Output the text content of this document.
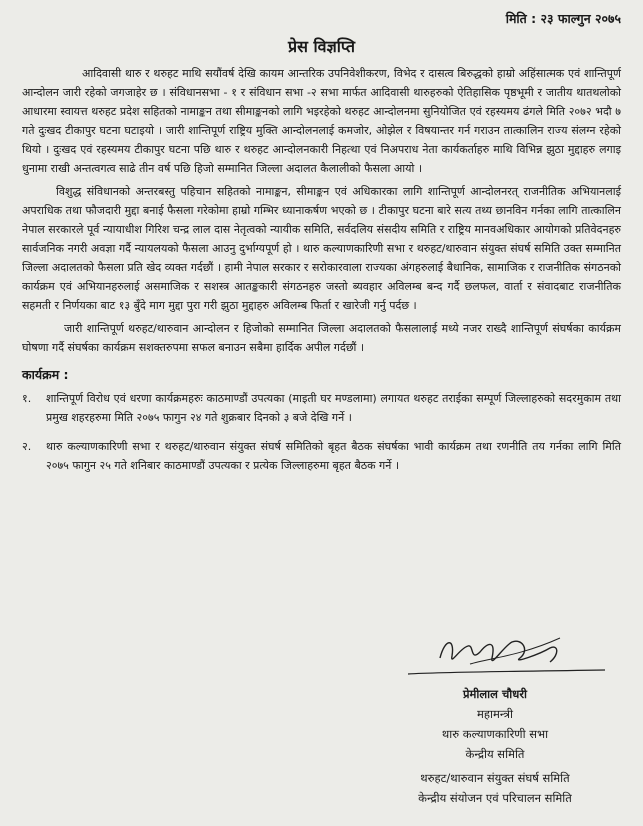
मिति : २३ फाल्गुन २०७५
प्रेस विज्ञप्ति

आदिवासी थारु र थरुहट माथि सयौंवर्ष देखि कायम आन्तरिक उपनिवेशीकरण, विभेद र दासत्व बिरुद्धको हाम्रो अहिंसात्मक एवं शान्तिपूर्ण आन्दोलन जारी रहेको जगजाहेर छ । संविधानसभा - १ र संविधान सभा -२ सभा मार्फत आदिवासी थारुहरुको ऐतिहासिक पृष्ठभूमी र जातीय थातथलोको आधारमा स्वायत्त थरुहट प्रदेश सहितको नामाङ्कन तथा सीमाङ्कनको लागि भइरहेको थरुहट आन्दोलनमा सुनियोजित एवं रहस्यमय ढंगले मिति २०७२ भदौ ७ गते दुःखद टीकापुर घटना घटाइयो । जारी शान्तिपूर्ण राष्ट्रिय मुक्ति आन्दोलनलाई कमजोर, ओझेल र विषयान्तर गर्न गराउन तात्कालिन राज्य संलग्न रहेको थियो । दुःखद एवं रहस्यमय टीकापुर घटना पछि थारु र थरुहट आन्दोलनकारी निहत्था एवं निअपराध नेता कार्यकर्ताहरु माथि विभिन्न झुठा मुद्दाहरु लगाइ धुनामा राखी अन्तत्वगत्व साढे तीन वर्ष पछि हिजो सम्मानित जिल्ला अदालत कैलालीको फैसला आयो ।

विशुद्ध संविधानको अन्तरबस्तु पहिचान सहितको नामाङ्कन, सीमाङ्कन एवं अधिकारका लागि शान्तिपूर्ण आन्दोलनरत् राजनीतिक अभियानलाई अपराधिक तथा फौजदारी मुद्दा बनाई फैसला गरेकोमा हाम्रो गम्भिर ध्यानाकर्षण भएको छ । टीकापुर घटना बारे सत्य तथ्य छानविन गर्नका लागि तात्कालिन नेपाल सरकारले पूर्व न्यायाधीश गिरिश चन्द्र लाल दास नेतृत्वको न्यायीक समिति, सर्वदलिय संसदीय समिति र राष्ट्रिय मानवअधिकार आयोगको प्रतिवेदनहरु सार्वजनिक नगरी अवज्ञा गर्दै न्यायलयको फैसला आउनु दुर्भाग्यपूर्ण हो । थारु कल्याणकारिणी सभा र थरुहट/थारुवान संयुक्त संघर्ष समिति उक्त सम्मानित जिल्ला अदालतको फैसला प्रति खेद व्यक्त गर्दछौं । हामी नेपाल सरकार र सरोकारवाला राज्यका अंगहरुलाई बैधानिक, सामाजिक र राजनीतिक संगठनको कार्यक्रम एवं अभियानहरुलाई असमाजिक र सशस्त्र आतङ्ककारी संगठनहरु जस्तो ब्यवहार अविलम्ब बन्द गर्दै छलफल, वार्ता र संवादबाट राजनीतिक सहमती र निर्णयका बाट १३ बुँदे माग मुद्दा पुरा गरी झुठा मुद्दाहरु अविलम्ब फिर्ता र खारेजी गर्नु पर्दछ ।

जारी शान्तिपूर्ण थरुहट/थारुवान आन्दोलन र हिजोको सम्मानित जिल्ला अदालतको फैसलालाई मध्ये नजर राख्दै शान्तिपूर्ण संघर्षका कार्यक्रम घोषणा गर्दै संघर्षका कार्यक्रम सशक्तरुपमा सफल बनाउन सबैमा हार्दिक अपील गर्दछौं ।

कार्यक्रम :
१.	शान्तिपूर्ण विरोध एवं धरणा कार्यक्रमहरुः काठमाण्डौं उपत्यका (माइती घर मण्डलामा) लगायत थरुहट तराईका सम्पूर्ण जिल्लाहरुको सदरमुकाम तथा प्रमुख शहरहरुमा मिति २०७५ फागुन २४ गते शुक्रबार दिनको ३ बजे देखि गर्ने ।
२.	थारु कल्याणकारिणी सभा र थरुहट/थारुवान संयुक्त संघर्ष समितिको बृहत बैठक संघर्षका भावी कार्यक्रम तथा रणनीति तय गर्नका लागि मिति २०७५ फागुन २५ गते शनिबार काठमाण्डौं उपत्यका र प्रत्येक जिल्लाहरुमा बृहत बैठक गर्ने ।
प्रेमीलाल चौधरी
महामन्त्री
थारु कल्याणकारिणी सभा
केन्द्रीय समिति
थरुहट/थारुवान संयुक्त संघर्ष समिति
केन्द्रीय संयोजन एवं परिचालन समिति
